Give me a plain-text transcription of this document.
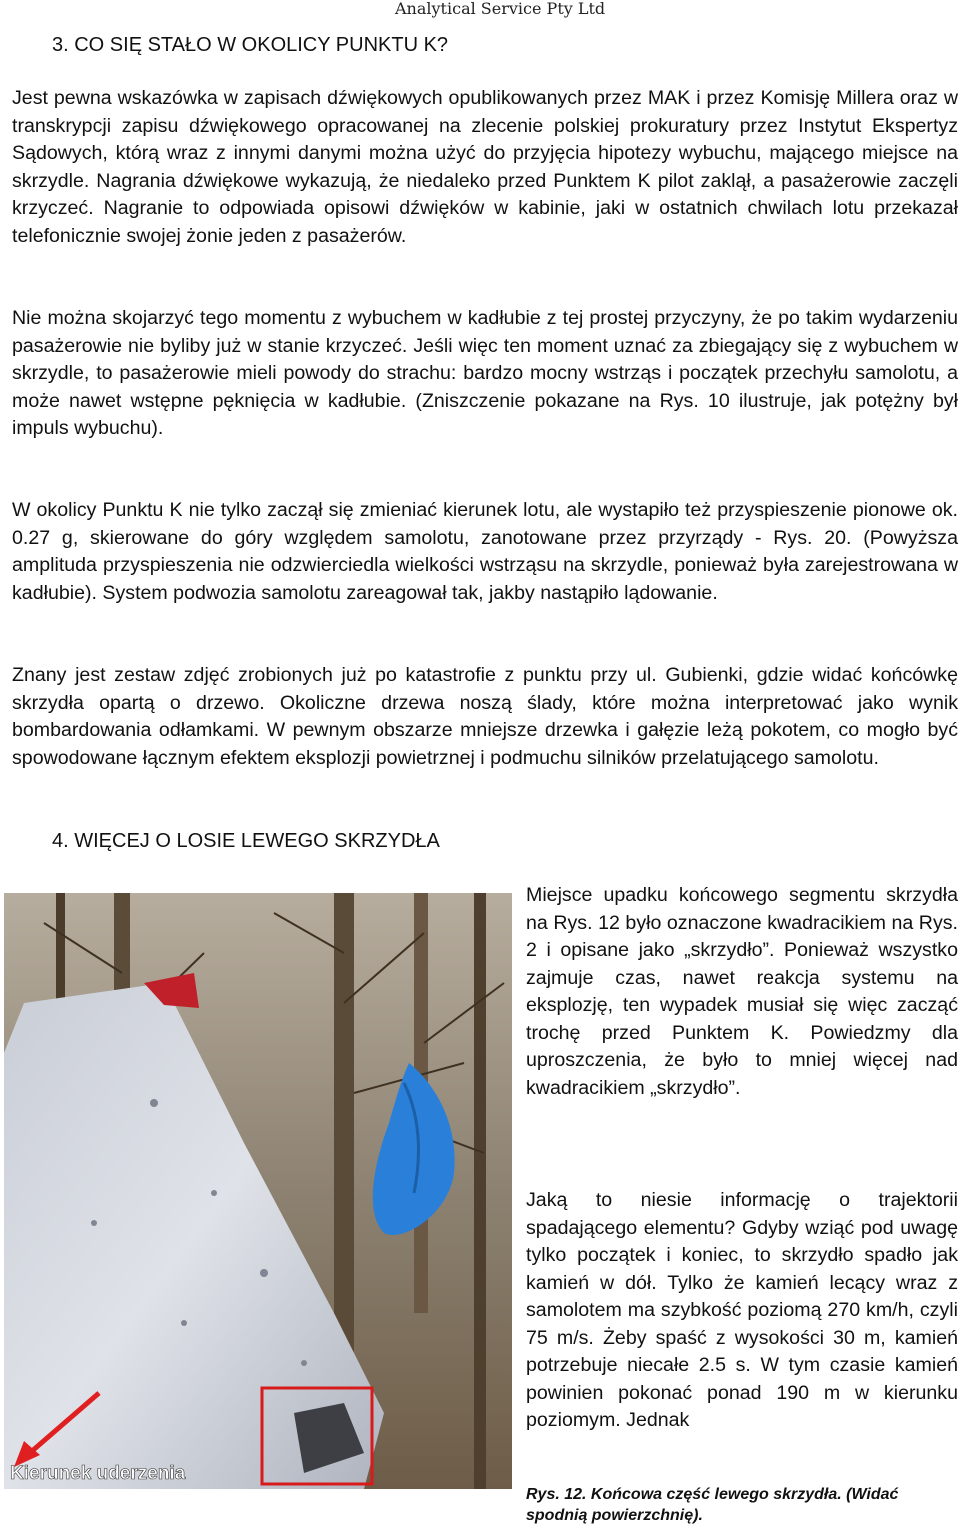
Analytical Service Pty Ltd
3. CO SIĘ STAŁO W OKOLICY PUNKTU K?

Jest pewna wskazówka w zapisach dźwiękowych opublikowanych przez MAK i przez Komisję Millera oraz w transkrypcji zapisu dźwiękowego opracowanej na zlecenie polskiej prokuratury przez Instytut Ekspertyz Sądowych, którą wraz z innymi danymi można użyć do przyjęcia hipotezy wybuchu, mającego miejsce na skrzydle. Nagrania dźwiękowe wykazują, że niedaleko przed Punktem K pilot zaklął, a pasażerowie zaczęli krzyczeć. Nagranie to odpowiada opisowi dźwięków w kabinie, jaki w ostatnich chwilach lotu przekazał telefonicznie swojej żonie jeden z pasażerów.

Nie można skojarzyć tego momentu z wybuchem w kadłubie z tej prostej przyczyny, że po takim wydarzeniu pasażerowie nie byliby już w stanie krzyczeć. Jeśli więc ten moment uznać za zbiegający się z wybuchem w skrzydle, to pasażerowie mieli powody do strachu: bardzo mocny wstrząs i początek przechyłu samolotu, a może nawet wstępne pęknięcia w kadłubie. (Zniszczenie pokazane na Rys. 10 ilustruje, jak potężny był impuls wybuchu).

W okolicy Punktu K nie tylko zaczął się zmieniać kierunek lotu, ale wystapiło też przyspieszenie pionowe ok. 0.27 g, skierowane do góry względem samolotu, zanotowane przez przyrządy - Rys. 20. (Powyższa amplituda przyspieszenia nie odzwierciedla wielkości wstrząsu na skrzydle, ponieważ była zarejestrowana w kadłubie). System podwozia samolotu zareagował tak, jakby nastąpiło lądowanie.

Znany jest zestaw zdjęć zrobionych już po katastrofie z punktu przy ul. Gubienki, gdzie widać końcówkę skrzydła opartą o drzewo. Okoliczne drzewa noszą ślady, które można interpretować jako wynik bombardowania odłamkami. W pewnym obszarze mniejsze drzewka i gałęzie leżą pokotem, co mogło być spowodowane łącznym efektem eksplozji powietrznej i podmuchu silników przelatującego samolotu.

4. WIĘCEJ O LOSIE LEWEGO SKRZYDŁA
Kierunek uderzenia

Miejsce upadku końcowego segmentu skrzydła na Rys. 12 było oznaczone kwadracikiem na Rys. 2 i opisane jako „skrzydło”. Ponieważ wszystko zajmuje czas, nawet reakcja systemu na eksplozję, ten wypadek musiał się więc zacząć trochę przed Punktem K. Powiedzmy dla uproszczenia, że było to mniej więcej nad kwadracikiem „skrzydło”.

Jaką to niesie informację o trajektorii spadającego elementu? Gdyby wziąć pod uwagę tylko początek i koniec, to skrzydło spadło jak kamień w dół. Tylko że kamień lecący wraz z samolotem ma szybkość poziomą 270 km/h, czyli 75 m/s. Żeby spaść z wysokości 30 m, kamień potrzebuje niecałe 2.5 s. W tym czasie kamień powinien pokonać ponad 190 m w kierunku poziomym. Jednak

Rys. 12. Końcowa część lewego skrzydła. (Widać spodnią powierzchnię).
